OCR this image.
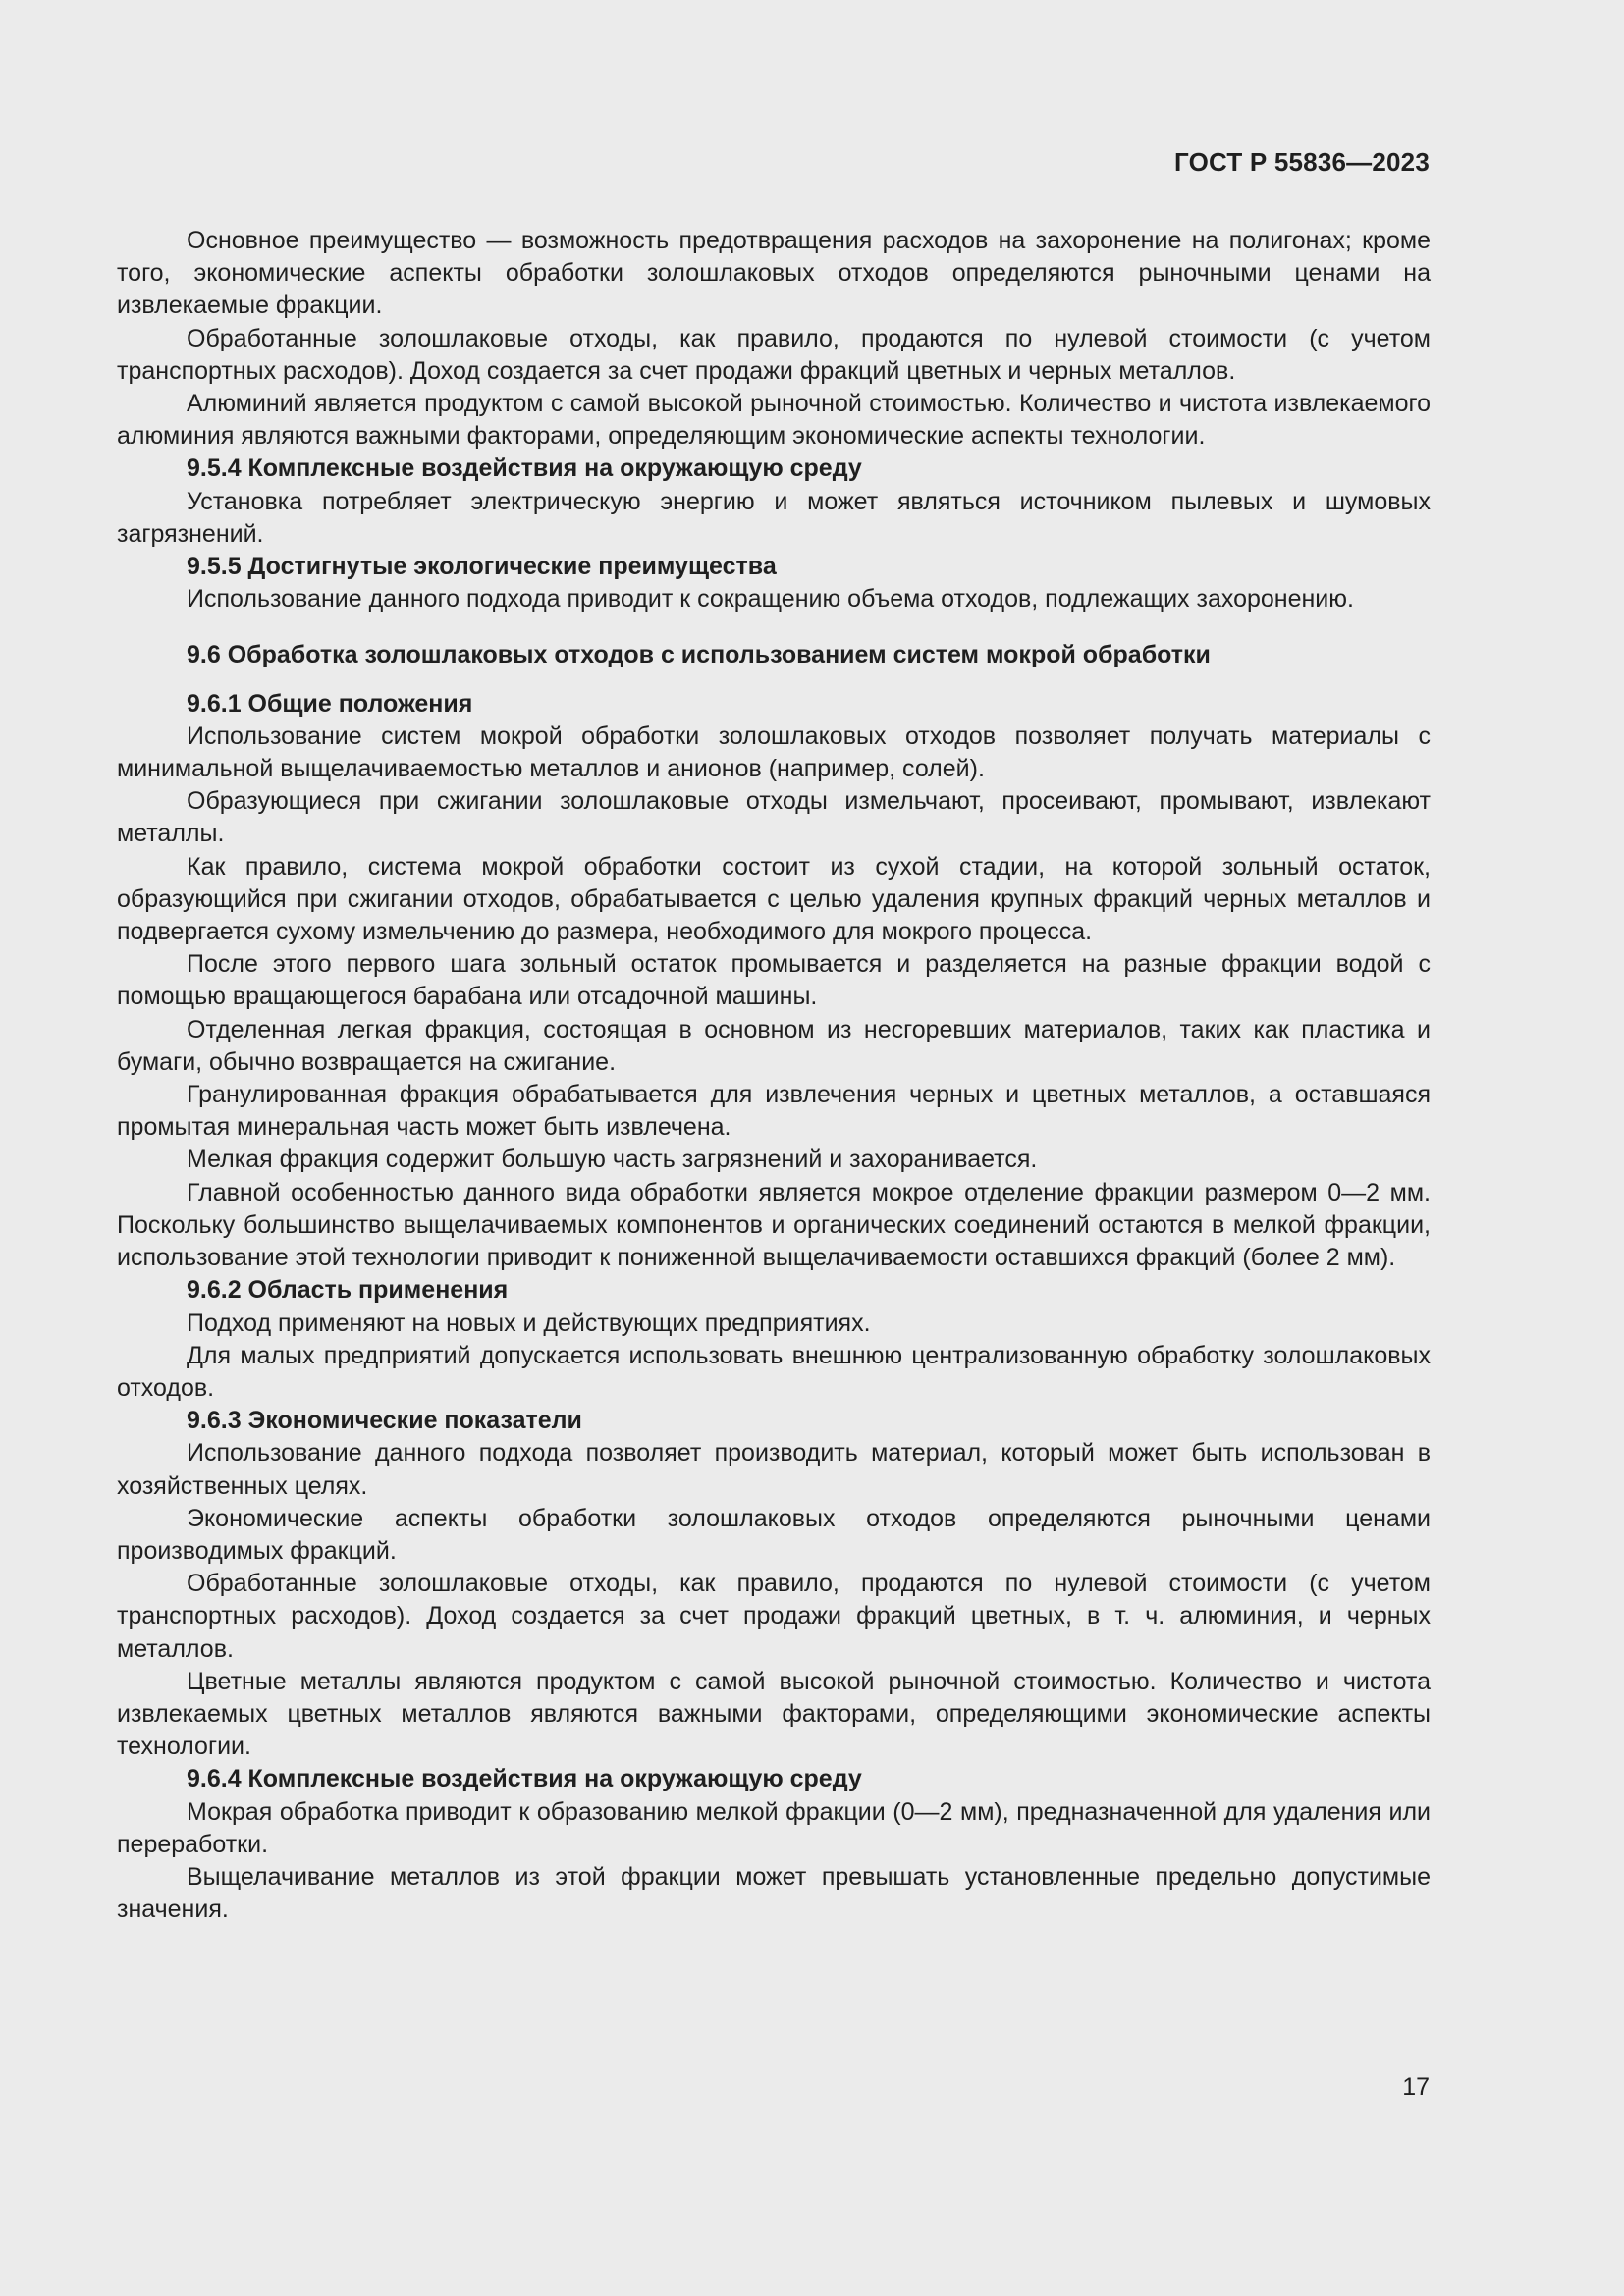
ГОСТ Р 55836—2023

Основное преимущество — возможность предотвращения расходов на захоронение на полигонах; кроме того, экономические аспекты обработки золошлаковых отходов определяются рыночными ценами на извлекаемые фракции.

Обработанные золошлаковые отходы, как правило, продаются по нулевой стоимости (с учетом транспортных расходов). Доход создается за счет продажи фракций цветных и черных металлов.

Алюминий является продуктом с самой высокой рыночной стоимостью. Количество и чистота извлекаемого алюминия являются важными факторами, определяющим экономические аспекты технологии.

9.5.4 Комплексные воздействия на окружающую среду

Установка потребляет электрическую энергию и может являться источником пылевых и шумовых загрязнений.

9.5.5 Достигнутые экологические преимущества

Использование данного подхода приводит к сокращению объема отходов, подлежащих захоронению.

9.6 Обработка золошлаковых отходов с использованием систем мокрой обработки

9.6.1 Общие положения

Использование систем мокрой обработки золошлаковых отходов позволяет получать материалы с минимальной выщелачиваемостью металлов и анионов (например, солей).

Образующиеся при сжигании золошлаковые отходы измельчают, просеивают, промывают, извлекают металлы.

Как правило, система мокрой обработки состоит из сухой стадии, на которой зольный остаток, образующийся при сжигании отходов, обрабатывается с целью удаления крупных фракций черных металлов и подвергается сухому измельчению до размера, необходимого для мокрого процесса.

После этого первого шага зольный остаток промывается и разделяется на разные фракции водой с помощью вращающегося барабана или отсадочной машины.

Отделенная легкая фракция, состоящая в основном из несгоревших материалов, таких как пластика и бумаги, обычно возвращается на сжигание.

Гранулированная фракция обрабатывается для извлечения черных и цветных металлов, а оставшаяся промытая минеральная часть может быть извлечена.

Мелкая фракция содержит большую часть загрязнений и захоранивается.

Главной особенностью данного вида обработки является мокрое отделение фракции размером 0—2 мм. Поскольку большинство выщелачиваемых компонентов и органических соединений остаются в мелкой фракции, использование этой технологии приводит к пониженной выщелачиваемости оставшихся фракций (более 2 мм).

9.6.2 Область применения

Подход применяют на новых и действующих предприятиях.

Для малых предприятий допускается использовать внешнюю централизованную обработку золошлаковых отходов.

9.6.3 Экономические показатели

Использование данного подхода позволяет производить материал, который может быть использован в хозяйственных целях.

Экономические аспекты обработки золошлаковых отходов определяются рыночными ценами производимых фракций.

Обработанные золошлаковые отходы, как правило, продаются по нулевой стоимости (с учетом транспортных расходов). Доход создается за счет продажи фракций цветных, в т. ч. алюминия, и черных металлов.

Цветные металлы являются продуктом с самой высокой рыночной стоимостью. Количество и чистота извлекаемых цветных металлов являются важными факторами, определяющими экономические аспекты технологии.

9.6.4 Комплексные воздействия на окружающую среду

Мокрая обработка приводит к образованию мелкой фракции (0—2 мм), предназначенной для удаления или переработки.

Выщелачивание металлов из этой фракции может превышать установленные предельно допустимые значения.

17
